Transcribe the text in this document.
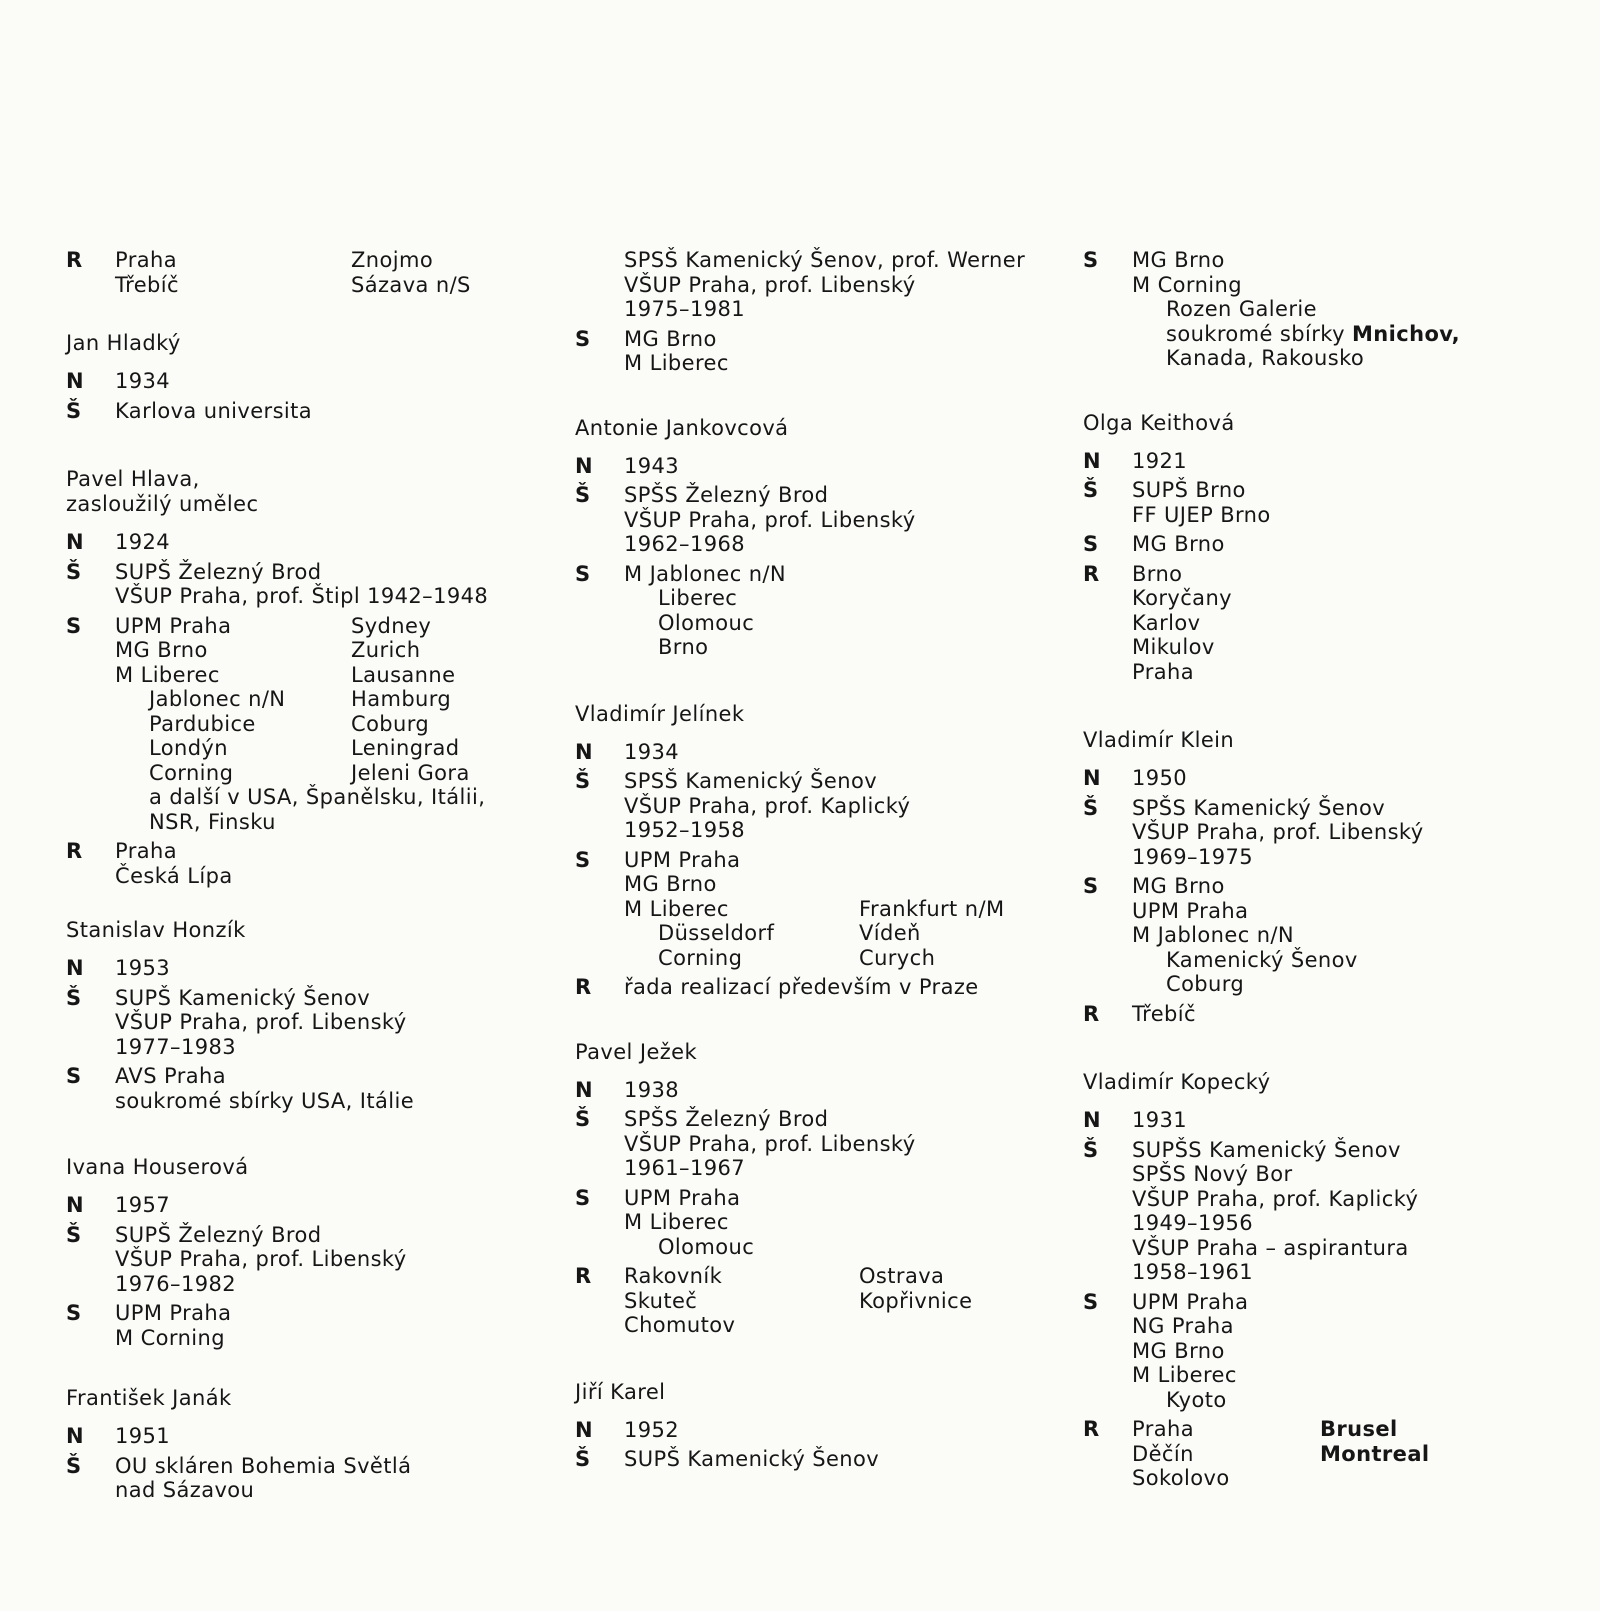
R	Praha	Znojmo
Třebíč	Sázava n/S
Jan Hladký
N	1934
Š	Karlova universita
Pavel Hlava,
zasloužilý umělec
N	1924
Š	SUPŠ Železný Brod
VŠUP Praha, prof. Štipl 1942–1948
S	UPM Praha	Sydney
MG Brno	Zurich
M Liberec	Lausanne
Jablonec n/N	Hamburg
Pardubice	Coburg
Londýn	Leningrad
Corning	Jeleni Gora
a další v USA, Španělsku, Itálii,
NSR, Finsku
R	Praha
Česká Lípa
Stanislav Honzík
N	1953
Š	SUPŠ Kamenický Šenov
VŠUP Praha, prof. Libenský
1977–1983
S	AVS Praha
soukromé sbírky USA, Itálie
Ivana Houserová
N	1957
Š	SUPŠ Železný Brod
VŠUP Praha, prof. Libenský
1976–1982
S	UPM Praha
M Corning
František Janák
N	1951
Š	OU skláren Bohemia Světlá
nad Sázavou
SPSŠ Kamenický Šenov, prof. Werner
VŠUP Praha, prof. Libenský
1975–1981
S	MG Brno
M Liberec
Antonie Jankovcová
N	1943
Š	SPŠS Železný Brod
VŠUP Praha, prof. Libenský
1962–1968
S	M Jablonec n/N
Liberec
Olomouc
Brno
Vladimír Jelínek
N	1934
Š	SPSŠ Kamenický Šenov
VŠUP Praha, prof. Kaplický
1952–1958
S	UPM Praha
MG Brno
M Liberec	Frankfurt n/M
Düsseldorf	Vídeň
Corning	Curych
R	řada realizací především v Praze
Pavel Ježek
N	1938
Š	SPŠS Železný Brod
VŠUP Praha, prof. Libenský
1961–1967
S	UPM Praha
M Liberec
Olomouc
R	Rakovník	Ostrava
Skuteč	Kopřivnice
Chomutov
Jiří Karel
N	1952
Š	SUPŠ Kamenický Šenov
S	MG Brno
M Corning
Rozen Galerie
soukromé sbírky Mnichov,
Kanada, Rakousko
Olga Keithová
N	1921
Š	SUPŠ Brno
FF UJEP Brno
S	MG Brno
R	Brno
Koryčany
Karlov
Mikulov
Praha
Vladimír Klein
N	1950
Š	SPŠS Kamenický Šenov
VŠUP Praha, prof. Libenský
1969–1975
S	MG Brno
UPM Praha
M Jablonec n/N
Kamenický Šenov
Coburg
R	Třebíč
Vladimír Kopecký
N	1931
Š	SUPŠS Kamenický Šenov
SPŠS Nový Bor
VŠUP Praha, prof. Kaplický
1949–1956
VŠUP Praha – aspirantura
1958–1961
S	UPM Praha
NG Praha
MG Brno
M Liberec
Kyoto
R	Praha	Brusel
Děčín	Montreal
Sokolovo
